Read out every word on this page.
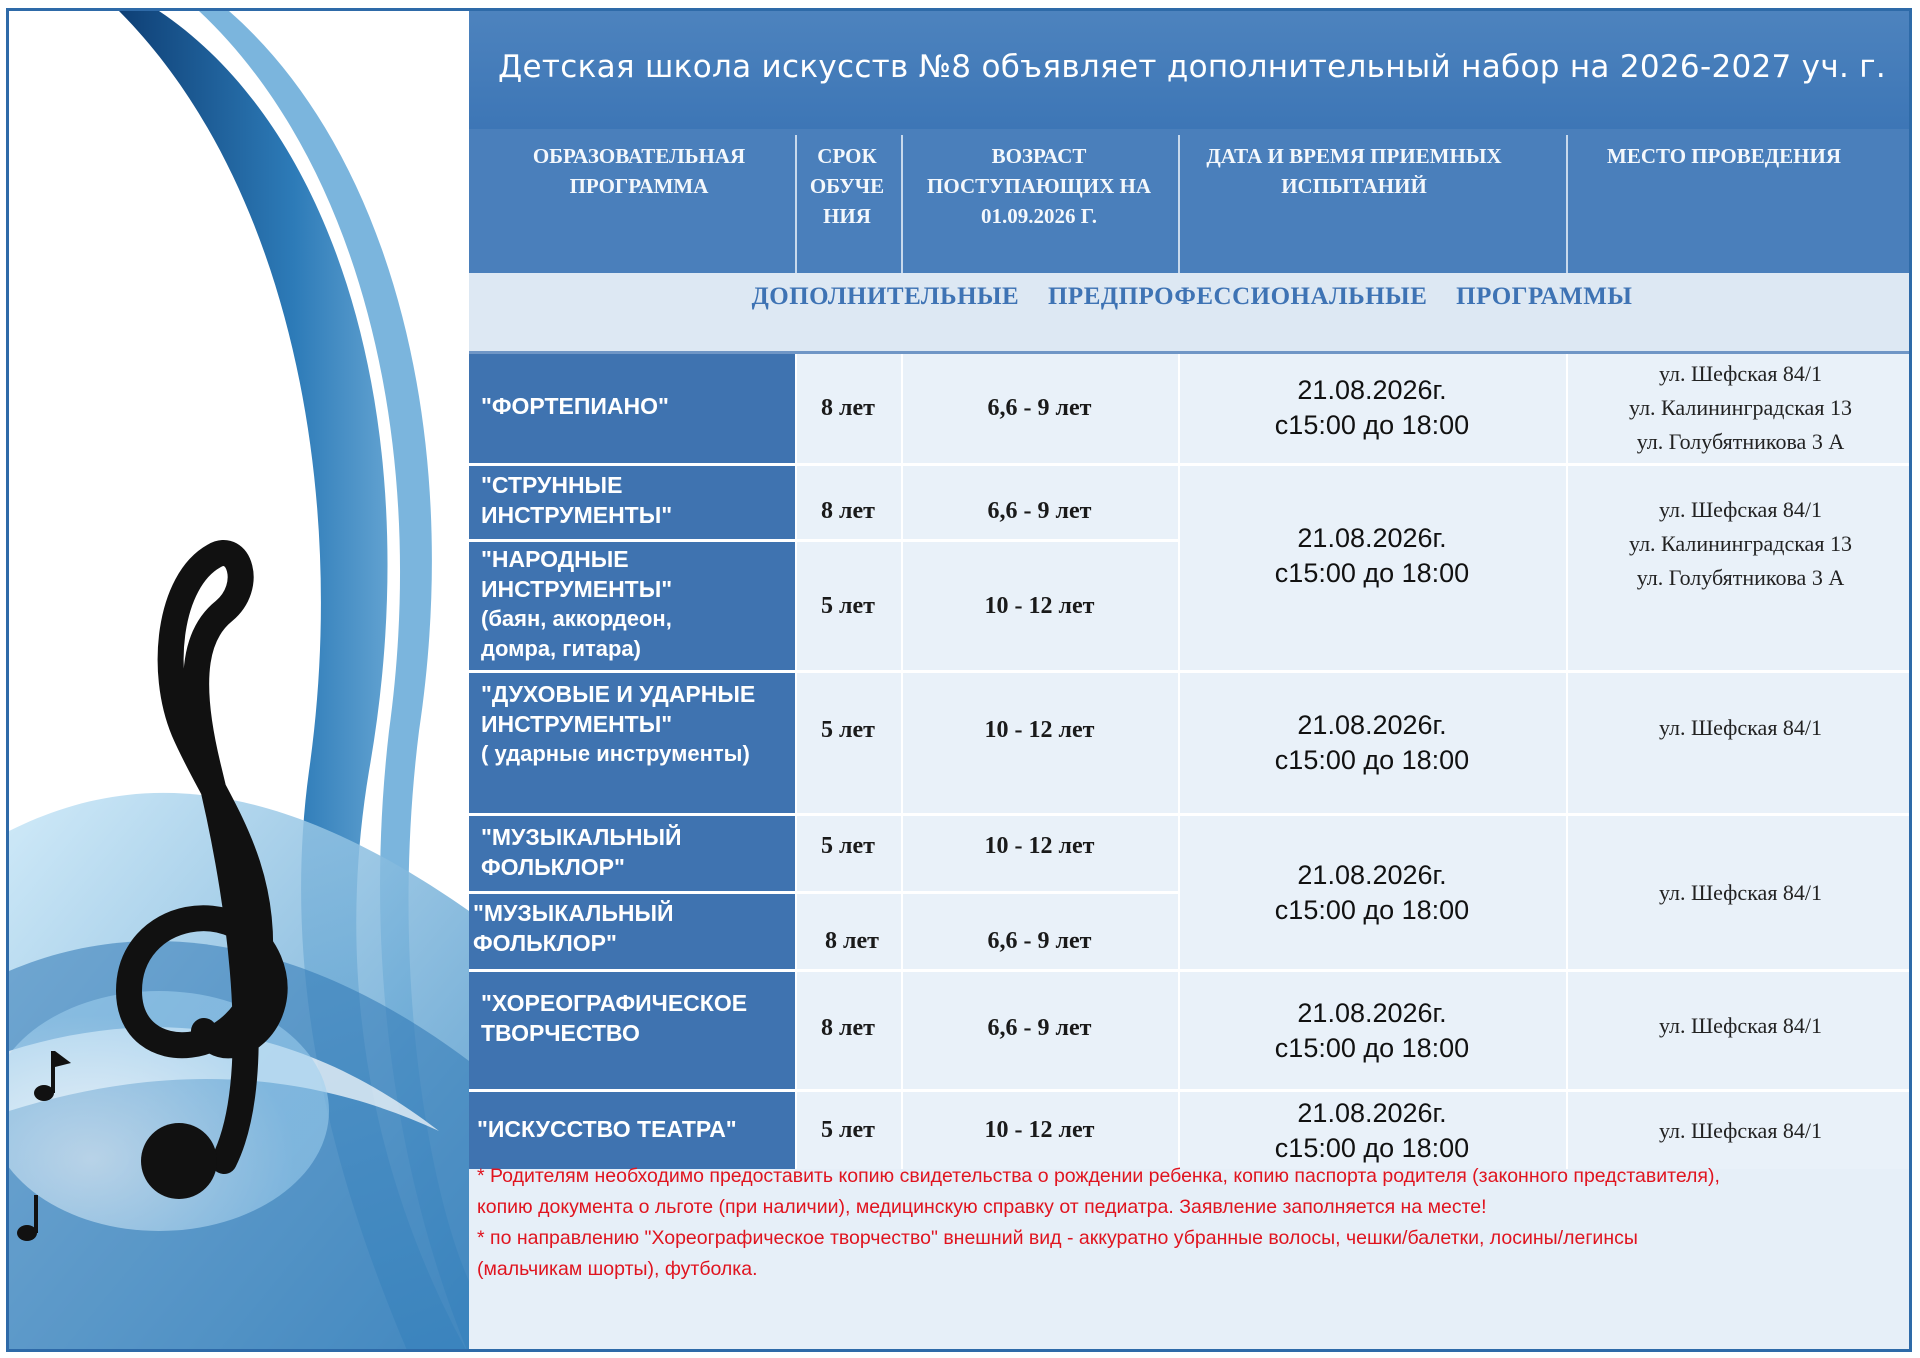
Детская школа искусств №8 объявляет дополнительный набор на 2026-2027 уч. г.
ОБРАЗОВАТЕЛЬНАЯ ПРОГРАММА
СРОК ОБУЧЕ НИЯ
ВОЗРАСТ ПОСТУПАЮЩИХ НА 01.09.2026 Г.
ДАТА И ВРЕМЯ ПРИЕМНЫХ ИСПЫТАНИЙ
МЕСТО ПРОВЕДЕНИЯ
ДОПОЛНИТЕЛЬНЫЕ ПРЕДПРОФЕССИОНАЛЬНЫЕ ПРОГРАММЫ
"ФОРТЕПИАНО"
"СТРУННЫЕ ИНСТРУМЕНТЫ"
"НАРОДНЫЕ ИНСТРУМЕНТЫ"
(баян, аккордеон, домра, гитара)
"ДУХОВЫЕ И УДАРНЫЕ ИНСТРУМЕНТЫ"
( ударные инструменты)
"МУЗЫКАЛЬНЫЙ ФОЛЬКЛОР"
"МУЗЫКАЛЬНЫЙ ФОЛЬКЛОР"
"ХОРЕОГРАФИЧЕСКОЕ ТВОРЧЕСТВО
"ИСКУССТВО ТЕАТРА"
8 лет
8 лет
5 лет
5 лет
5 лет
8 лет
8 лет
5 лет
6,6 - 9 лет
6,6 - 9 лет
10 - 12 лет
10 - 12 лет
10 - 12 лет
6,6 - 9 лет
6,6 - 9 лет
10 - 12 лет
21.08.2026г.
с15:00 до 18:00
21.08.2026г.
с15:00 до 18:00
21.08.2026г.
с15:00 до 18:00
21.08.2026г.
с15:00 до 18:00
21.08.2026г.
с15:00 до 18:00
21.08.2026г.
с15:00 до 18:00
ул. Шефская 84/1
ул. Калининградская 13
ул. Голубятникова 3 А
ул. Шефская 84/1
ул. Калининградская 13
ул. Голубятникова 3 А
ул. Шефская 84/1
ул. Шефская 84/1
ул. Шефская 84/1
ул. Шефская 84/1
* Родителям необходимо предоставить копию свидетельства о рождении ребенка, копию паспорта родителя (законного представителя),
копию документа о льготе (при наличии), медицинскую справку от педиатра. Заявление заполняется на месте!
* по направлению "Хореографическое творчество" внешний вид - аккуратно убранные волосы, чешки/балетки, лосины/легинсы
(мальчикам шорты), футболка.
